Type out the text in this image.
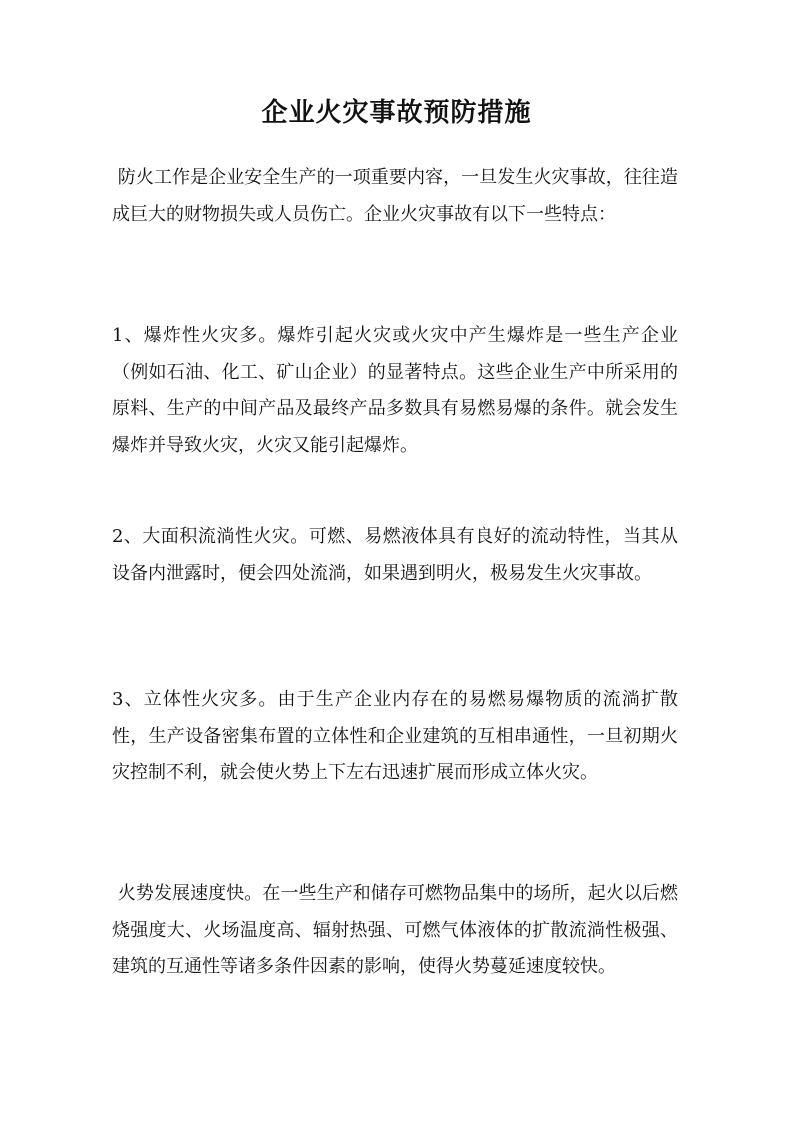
企业火灾事故预防措施

防火工作是企业安全生产的一项重要内容，一旦发生火灾事故，往往造成巨大的财物损失或人员伤亡。企业火灾事故有以下一些特点：

1、爆炸性火灾多。爆炸引起火灾或火灾中产生爆炸是一些生产企业（例如石油、化工、矿山企业）的显著特点。这些企业生产中所采用的原料、生产的中间产品及最终产品多数具有易燃易爆的条件。就会发生爆炸并导致火灾，火灾又能引起爆炸。

2、大面积流淌性火灾。可燃、易燃液体具有良好的流动特性，当其从设备内泄露时，便会四处流淌，如果遇到明火，极易发生火灾事故。

3、立体性火灾多。由于生产企业内存在的易燃易爆物质的流淌扩散性，生产设备密集布置的立体性和企业建筑的互相串通性，一旦初期火灾控制不利，就会使火势上下左右迅速扩展而形成立体火灾。

火势发展速度快。在一些生产和储存可燃物品集中的场所，起火以后燃烧强度大、火场温度高、辐射热强、可燃气体液体的扩散流淌性极强、建筑的互通性等诸多条件因素的影响，使得火势蔓延速度较快。
